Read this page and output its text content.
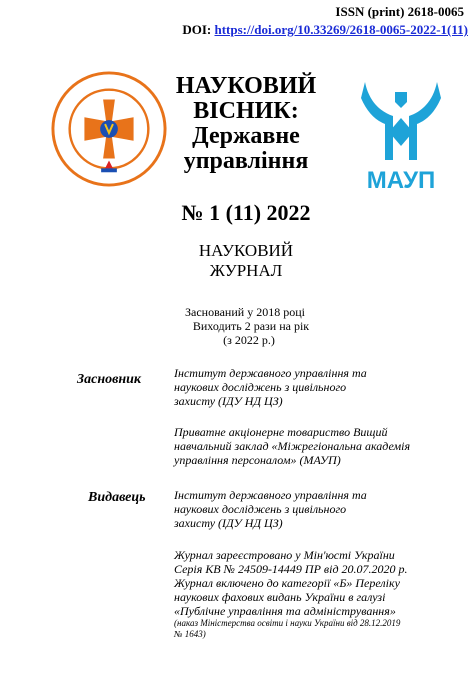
ISSN (print) 2618-0065
DOI: https://doi.org/10.33269/2618-0065-2022-1(11)
НАУКОВИЙ
ВІСНИК:
Державне
управління
МАУП
№ 1 (11) 2022
НАУКОВИЙ
ЖУРНАЛ
Заснований у 2018 році
Виходить 2 рази на рік
(з 2022 р.)
Засновник	Інститут державного управління та
наукових досліджень з цивільного
захисту (ІДУ НД ЦЗ)
Приватне акціонерне товариство Вищий
навчальний заклад «Міжрегіональна академія
управління персоналом» (МАУП)
Видавець Інститут державного управління та
наукових досліджень з цивільного
захисту (ІДУ НД ЦЗ)
Журнал зареєстровано у Мін'юсті України
Серія КВ № 24509-14449 ПР від 20.07.2020 р.
Журнал включено до категорії «Б» Переліку
наукових фахових видань України в галузі
«Публічне управління та адміністрування»
(наказ Міністерства освіти і науки України від 28.12.2019
№ 1643)
